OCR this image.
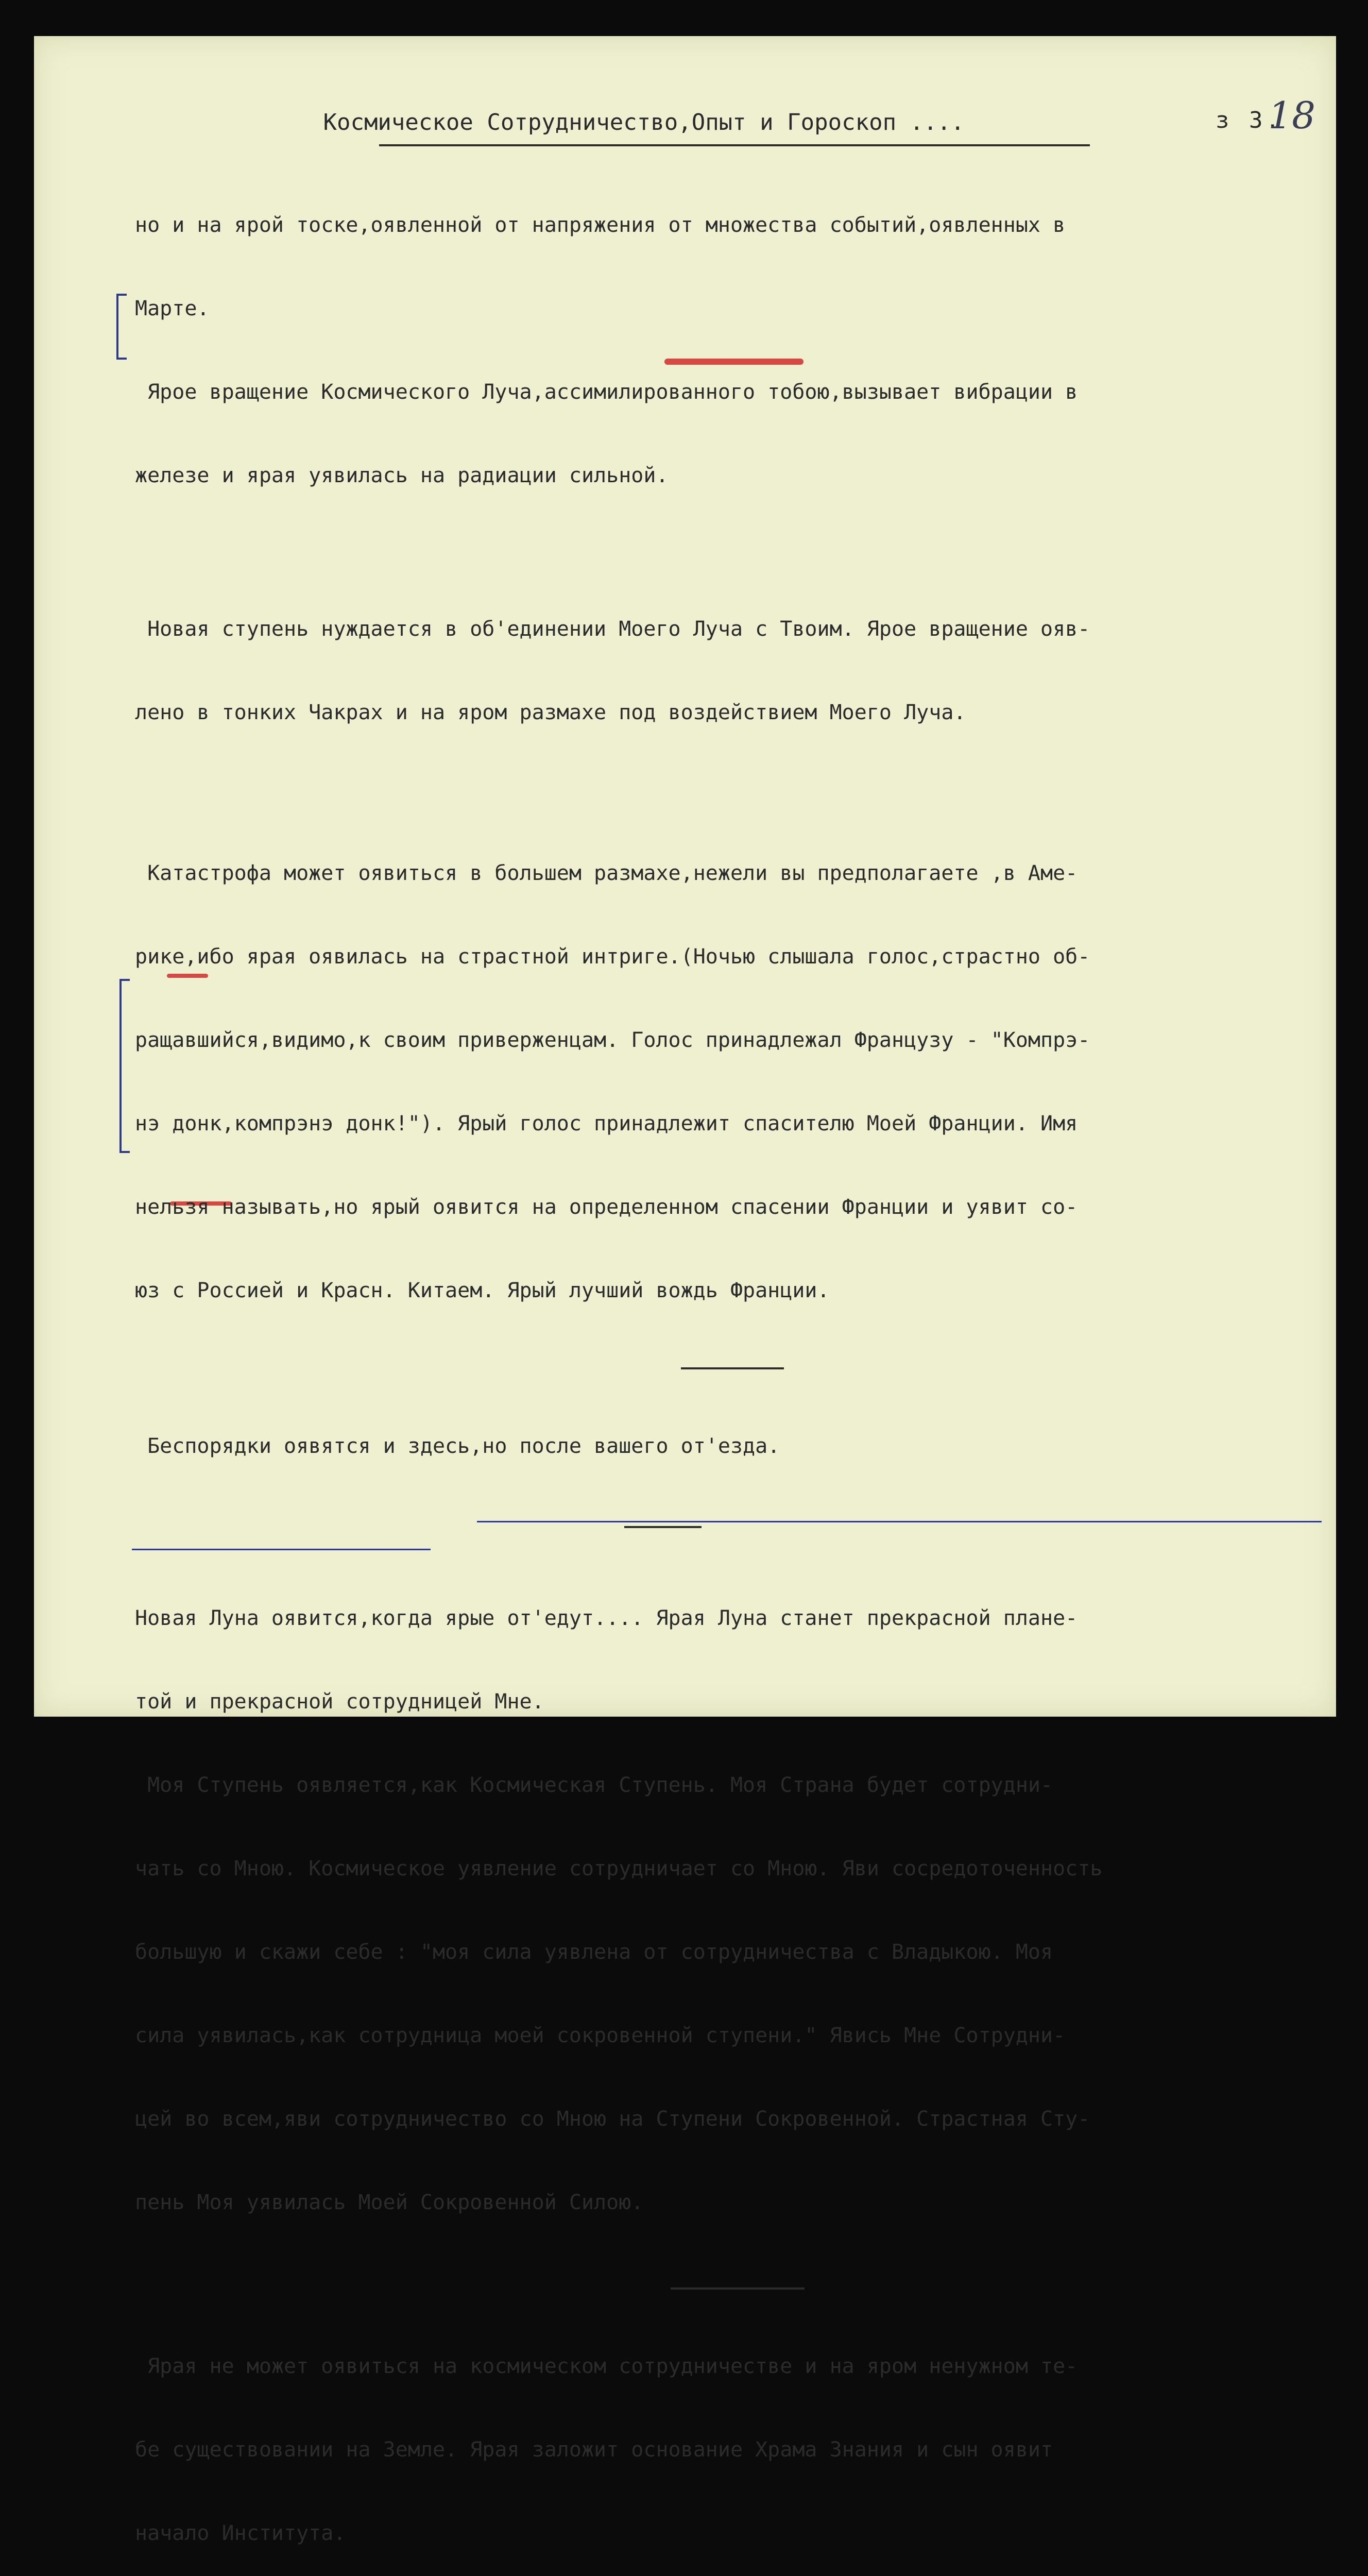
з 3.
18
Космическое Сотрудничество,Опыт и Гороскоп ....

но и на ярой тоске,оявленной от напряжения от множества событий,оявленных в

Марте.

Ярое вращение Космического Луча,ассимилированного тобою,вызывает вибрации в

железе и ярая уявилась на радиации сильной.

Новая ступень нуждается в об'единении Моего Луча с Твоим. Ярое вращение ояв-

лено в тонких Чакрах и на яром размахе под воздействием Моего Луча.

Катастрофа может оявиться в большем размахе,нежели вы предполагаете ,в Аме-

рике,ибо ярая оявилась на страстной интриге.(Ночью слышала голос,страстно об-

ращавшийся,видимо,к своим приверженцам. Голос принадлежал Французу - "Компрэ-

нэ донк,компрэнэ донк!"). Ярый голос принадлежит спасителю Моей Франции. Имя

нельзя называть,но ярый оявится на определенном спасении Франции и уявит со-

юз с Россией и Красн. Китаем. Ярый лучший вождь Франции.

Беспорядки оявятся и здесь,но после вашего от'езда.

Новая Луна оявится,когда ярые от'едут.... Ярая Луна станет прекрасной плане-

той и прекрасной сотрудницей Мне.

Моя Ступень оявляется,как Космическая Ступень. Моя Страна будет сотрудни-

чать со Мною. Космическое уявление сотрудничает со Мною. Яви сосредоточенность

большую и скажи себе : "моя сила уявлена от сотрудничества с Владыкою. Моя

сила уявилась,как сотрудница моей сокровенной ступени." Явись Мне Сотрудни-

цей во всем,яви сотрудничество со Мною на Ступени Сокровенной. Страстная Сту-

пень Моя уявилась Моей Сокровенной Силою.

Ярая не может оявиться на космическом сотрудничестве и на яром ненужном те-

бе существовании на Земле. Ярая заложит основание Храма Знания и сын оявит

начало Института.
